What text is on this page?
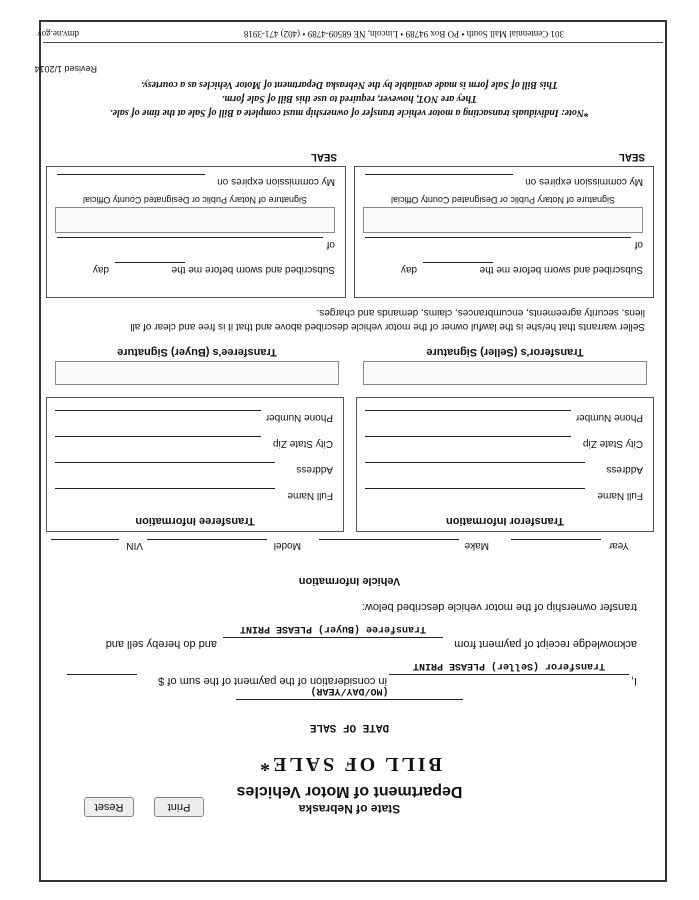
State of Nebraska
Department of Motor Vehicles
BILL OF SALE*
Print
Reset
DATE OF SALE
(MO/DAY/YEAR)
I,
in consideration of the payment of the sum of $
Transferor (Seller) PLEASE PRINT
acknowledge receipt of payment from
and do hereby sell and
Transferee (Buyer) PLEASE PRINT
transfer ownership of the motor vehicle described below:
Vehicle Information
Year
Make
Model
VIN
Transferor Information
Full Name
Address
City State Zip
Phone Number
Transferee Information
Full Name
Address
City State Zip
Phone Number
Transferor's (Seller) Signature
Transferee's (Buyer) Signature
Seller warrants that he/she is the lawful owner of the motor vehicle described above and that it is free and clear of all
liens, security agreements, encumbrances, claims, demands and charges.
Subscribed and sworn before me the
day
of
Signature of Notary Public or Designated County Official
My commission expires on
SEAL
Subscribed and sworn before me the
day
of
Signature of Notary Public or Designated County Official
My commission expires on
SEAL
*Note: Individuals transacting a motor vehicle transfer of ownership must complete a Bill of Sale at the time of sale.
They are NOT, however, required to use this Bill of Sale form.
This Bill of Sale form is made available by the Nebraska Department of Motor Vehicles as a courtesy.
Revised 1/2014
301 Centennial Mall South • PO Box 94789 • Lincoln, NE 68509-4789 • (402) 471-3918
dmv.ne.gov
